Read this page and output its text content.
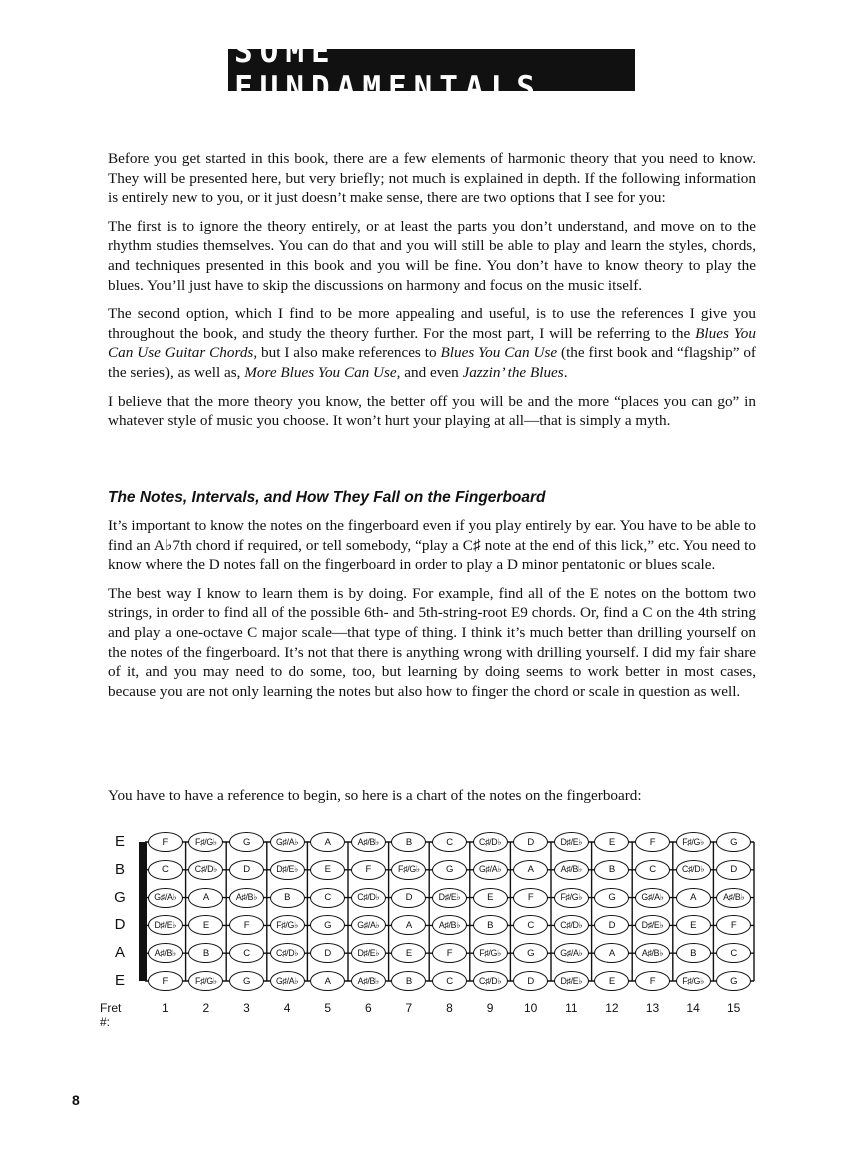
SOME FUNDAMENTALS

Before you get started in this book, there are a few elements of harmonic theory that you need to know. They will be presented here, but very briefly; not much is explained in depth. If the following information is entirely new to you, or it just doesn’t make sense, there are two options that I see for you:

The first is to ignore the theory entirely, or at least the parts you don’t understand, and move on to the rhythm studies themselves. You can do that and you will still be able to play and learn the styles, chords, and techniques presented in this book and you will be fine. You don’t have to know theory to play the blues. You’ll just have to skip the discussions on harmony and focus on the music itself.

The second option, which I find to be more appealing and useful, is to use the references I give you throughout the book, and study the theory further. For the most part, I will be referring to the Blues You Can Use Guitar Chords, but I also make references to Blues You Can Use (the first book and “flagship” of the series), as well as, More Blues You Can Use, and even Jazzin’ the Blues.

I believe that the more theory you know, the better off you will be and the more “places you can go” in whatever style of music you choose. It won’t hurt your playing at all—that is simply a myth.

The Notes, Intervals, and How They Fall on the Fingerboard

It’s important to know the notes on the fingerboard even if you play entirely by ear. You have to be able to find an A♭7th chord if required, or tell somebody, “play a C♯ note at the end of this lick,” etc. You need to know where the D notes fall on the fingerboard in order to play a D minor pentatonic or blues scale.

The best way I know to learn them is by doing. For example, find all of the E notes on the bottom two strings, in order to find all of the possible 6th- and 5th-string-root E9 chords. Or, find a C on the 4th string and play a one-octave C major scale—that type of thing. I think it’s much better than drilling yourself on the notes of the fingerboard. It’s not that there is anything wrong with drilling yourself. I did my fair share of it, and you may need to do some, too, but learning by doing seems to work better in most cases, because you are not only learning the notes but also how to finger the chord or scale in question as well.

You have to have a reference to begin, so here is a chart of the notes on the fingerboard:
E
B
G
D
A
E
F	F♯/G♭	G	G♯/A♭	A	A♯/B♭	B	C	C♯/D♭	D	D♯/E♭	E	F	F♯/G♭	G
C	C♯/D♭	D	D♯/E♭	E	F	F♯/G♭	G	G♯/A♭	A	A♯/B♭	B	C	C♯/D♭	D
G♯/A♭	A	A♯/B♭	B	C	C♯/D♭	D	D♯/E♭	E	F	F♯/G♭	G	G♯/A♭	A	A♯/B♭
D♯/E♭	E	F	F♯/G♭	G	G♯/A♭	A	A♯/B♭	B	C	C♯/D♭	D	D♯/E♭	E	F
A♯/B♭	B	C	C♯/D♭	D	D♯/E♭	E	F	F♯/G♭	G	G♯/A♭	A	A♯/B♭	B	C
F	F♯/G♭	G	G♯/A♭	A	A♯/B♭	B	C	C♯/D♭	D	D♯/E♭	E	F	F♯/G♭	G
Fret #:
1	2	3	4	5	6	7	8	9	10	11	12 13 14 15
8
